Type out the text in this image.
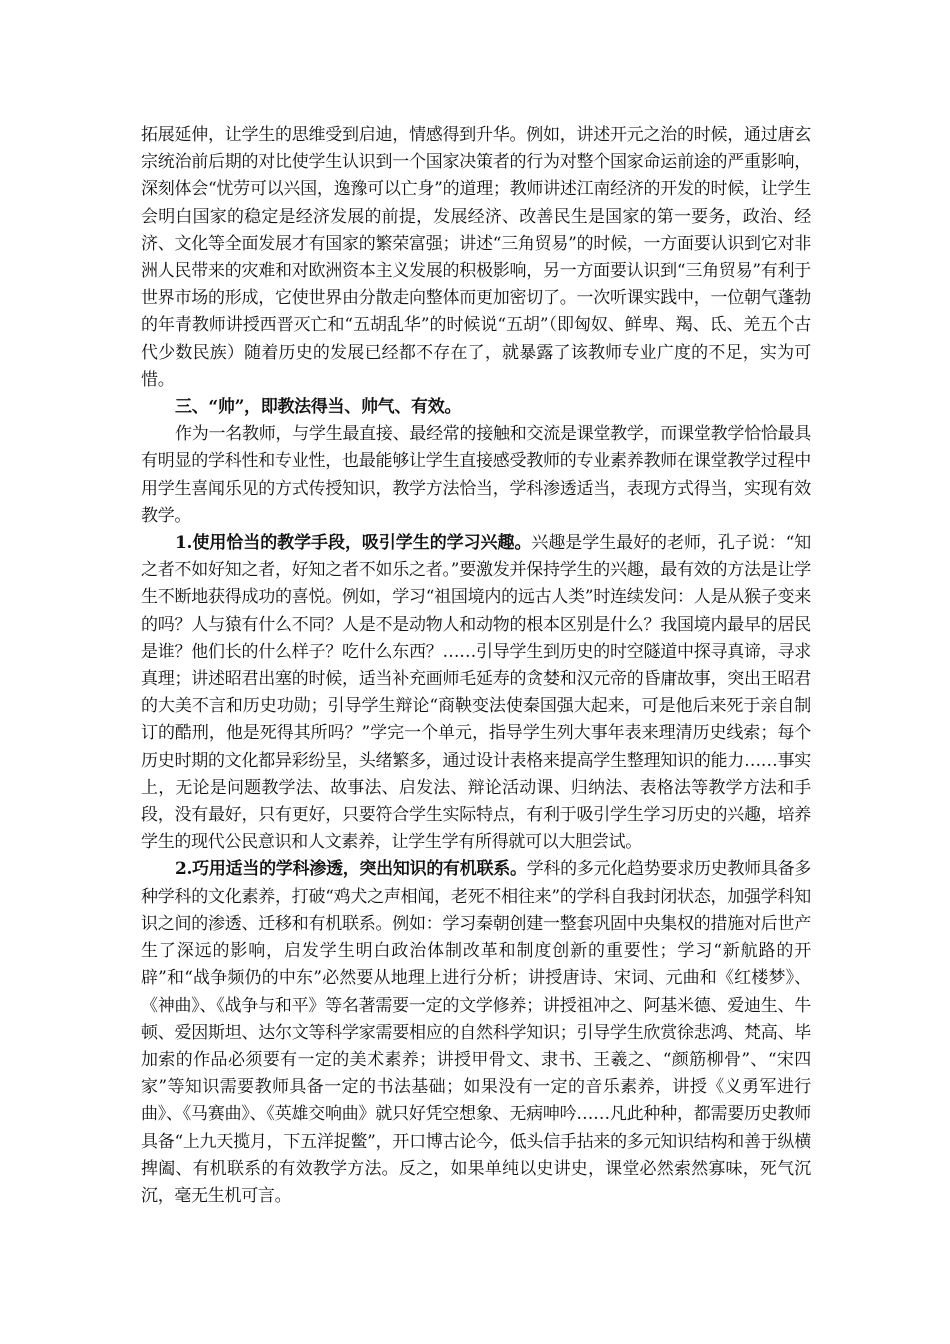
拓展延伸，让学生的思维受到启迪，情感得到升华。例如，讲述开元之治的时候，通过唐玄宗统治前后期的对比使学生认识到一个国家决策者的行为对整个国家命运前途的严重影响，深刻体会“忧劳可以兴国，逸豫可以亡身”的道理；教师讲述江南经济的开发的时候，让学生会明白国家的稳定是经济发展的前提，发展经济、改善民生是国家的第一要务，政治、经济、文化等全面发展才有国家的繁荣富强；讲述“三角贸易”的时候，一方面要认识到它对非洲人民带来的灾难和对欧洲资本主义发展的积极影响，另一方面要认识到“三角贸易”有利于世界市场的形成，它使世界由分散走向整体而更加密切了。一次听课实践中，一位朝气蓬勃的年青教师讲授西晋灭亡和“五胡乱华”的时候说“五胡”（即匈奴、鲜卑、羯、氐、羌五个古代少数民族）随着历史的发展已经都不存在了，就暴露了该教师专业广度的不足，实为可惜。

三、“帅”，即教法得当、帅气、有效。

作为一名教师，与学生最直接、最经常的接触和交流是课堂教学，而课堂教学恰恰最具有明显的学科性和专业性，也最能够让学生直接感受教师的专业素养教师在课堂教学过程中用学生喜闻乐见的方式传授知识，教学方法恰当，学科渗透适当，表现方式得当，实现有效教学。

1.使用恰当的教学手段，吸引学生的学习兴趣。兴趣是学生最好的老师，孔子说：“知之者不如好知之者，好知之者不如乐之者。”要激发并保持学生的兴趣，最有效的方法是让学生不断地获得成功的喜悦。例如，学习“祖国境内的远古人类”时连续发问：人是从猴子变来的吗？人与猿有什么不同？人是不是动物人和动物的根本区别是什么？我国境内最早的居民是谁？他们长的什么样子？吃什么东西？……引导学生到历史的时空隧道中探寻真谛，寻求真理；讲述昭君出塞的时候，适当补充画师毛延寿的贪婪和汉元帝的昏庸故事，突出王昭君的大美不言和历史功勋；引导学生辩论“商鞅变法使秦国强大起来，可是他后来死于亲自制订的酷刑，他是死得其所吗？”学完一个单元，指导学生列大事年表来理清历史线索；每个历史时期的文化都异彩纷呈，头绪繁多，通过设计表格来提高学生整理知识的能力……事实上，无论是问题教学法、故事法、启发法、辩论活动课、归纳法、表格法等教学方法和手段，没有最好，只有更好，只要符合学生实际特点，有利于吸引学生学习历史的兴趣，培养学生的现代公民意识和人文素养，让学生学有所得就可以大胆尝试。

2.巧用适当的学科渗透，突出知识的有机联系。学科的多元化趋势要求历史教师具备多种学科的文化素养，打破“鸡犬之声相闻，老死不相往来”的学科自我封闭状态，加强学科知识之间的渗透、迁移和有机联系。例如：学习秦朝创建一整套巩固中央集权的措施对后世产生了深远的影响，启发学生明白政治体制改革和制度创新的重要性；学习“新航路的开辟”和“战争频仍的中东”必然要从地理上进行分析；讲授唐诗、宋词、元曲和《红楼梦》、《神曲》、《战争与和平》等名著需要一定的文学修养；讲授祖冲之、阿基米德、爱迪生、牛顿、爱因斯坦、达尔文等科学家需要相应的自然科学知识；引导学生欣赏徐悲鸿、梵高、毕加索的作品必须要有一定的美术素养；讲授甲骨文、隶书、王羲之、“颜筋柳骨”、“宋四家”等知识需要教师具备一定的书法基础；如果没有一定的音乐素养，讲授《义勇军进行曲》、《马赛曲》、《英雄交响曲》就只好凭空想象、无病呻吟……凡此种种，都需要历史教师具备“上九天揽月，下五洋捉鳖”，开口博古论今，低头信手拈来的多元知识结构和善于纵横捭阖、有机联系的有效教学方法。反之，如果单纯以史讲史，课堂必然索然寡味，死气沉沉，毫无生机可言。
